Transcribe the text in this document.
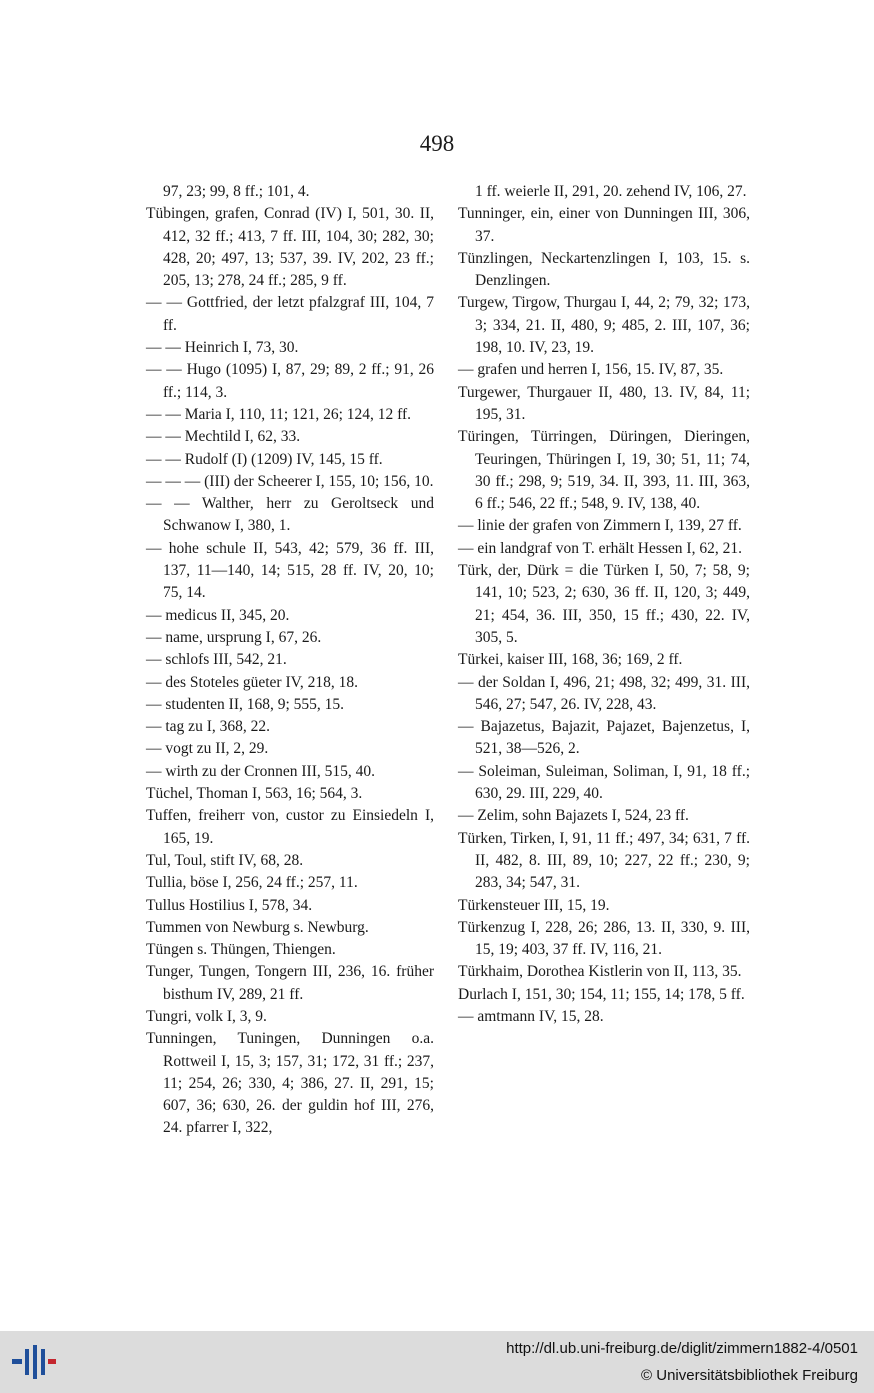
498
97, 23; 99, 8 ff.; 101, 4.
Tübingen, grafen, Conrad (IV) I, 501, 30. II, 412, 32 ff.; 413, 7 ff. III, 104, 30; 282, 30; 428, 20; 497, 13; 537, 39. IV, 202, 23 ff.; 205, 13; 278, 24 ff.; 285, 9 ff.
— — Gottfried, der letzt pfalzgraf III, 104, 7 ff.
— — Heinrich I, 73, 30.
— — Hugo (1095) I, 87, 29; 89, 2 ff.; 91, 26 ff.; 114, 3.
— — Maria I, 110, 11; 121, 26; 124, 12 ff.
— — Mechtild I, 62, 33.
— — Rudolf (I) (1209) IV, 145, 15 ff.
— — — (III) der Scheerer I, 155, 10; 156, 10.
— — Walther, herr zu Geroltseck und Schwanow I, 380, 1.
— hohe schule II, 543, 42; 579, 36 ff. III, 137, 11—140, 14; 515, 28 ff. IV, 20, 10; 75, 14.
— medicus II, 345, 20.
— name, ursprung I, 67, 26.
— schlofs III, 542, 21.
— des Stoteles güeter IV, 218, 18.
— studenten II, 168, 9; 555, 15.
— tag zu I, 368, 22.
— vogt zu II, 2, 29.
— wirth zu der Cronnen III, 515, 40.
Tüchel, Thoman I, 563, 16; 564, 3.
Tuffen, freiherr von, custor zu Einsiedeln I, 165, 19.
Tul, Toul, stift IV, 68, 28.
Tullia, böse I, 256, 24 ff.; 257, 11.
Tullus Hostilius I, 578, 34.
Tummen von Newburg s. Newburg.
Tüngen s. Thüngen, Thiengen.
Tunger, Tungen, Tongern III, 236, 16. früher bisthum IV, 289, 21 ff.
Tungri, volk I, 3, 9.
Tunningen, Tuningen, Dunningen o.a. Rottweil I, 15, 3; 157, 31; 172, 31 ff.; 237, 11; 254, 26; 330, 4; 386, 27. II, 291, 15; 607, 36; 630, 26. der guldin hof III, 276, 24. pfarrer I, 322,
1 ff. weierle II, 291, 20. zehend IV, 106, 27.
Tunninger, ein, einer von Dunningen III, 306, 37.
Tünzlingen, Neckartenzlingen I, 103, 15. s. Denzlingen.
Turgew, Tirgow, Thurgau I, 44, 2; 79, 32; 173, 3; 334, 21. II, 480, 9; 485, 2. III, 107, 36; 198, 10. IV, 23, 19.
— grafen und herren I, 156, 15. IV, 87, 35.
Turgewer, Thurgauer II, 480, 13. IV, 84, 11; 195, 31.
Türingen, Türringen, Düringen, Dieringen, Teuringen, Thüringen I, 19, 30; 51, 11; 74, 30 ff.; 298, 9; 519, 34. II, 393, 11. III, 363, 6 ff.; 546, 22 ff.; 548, 9. IV, 138, 40.
— linie der grafen von Zimmern I, 139, 27 ff.
— ein landgraf von T. erhält Hessen I, 62, 21.
Türk, der, Dürk = die Türken I, 50, 7; 58, 9; 141, 10; 523, 2; 630, 36 ff. II, 120, 3; 449, 21; 454, 36. III, 350, 15 ff.; 430, 22. IV, 305, 5.
Türkei, kaiser III, 168, 36; 169, 2 ff.
— der Soldan I, 496, 21; 498, 32; 499, 31. III, 546, 27; 547, 26. IV, 228, 43.
— Bajazetus, Bajazit, Pajazet, Bajenzetus, I, 521, 38—526, 2.
— Soleiman, Suleiman, Soliman, I, 91, 18 ff.; 630, 29. III, 229, 40.
— Zelim, sohn Bajazets I, 524, 23 ff.
Türken, Tirken, I, 91, 11 ff.; 497, 34; 631, 7 ff. II, 482, 8. III, 89, 10; 227, 22 ff.; 230, 9; 283, 34; 547, 31.
Türkensteuer III, 15, 19.
Türkenzug I, 228, 26; 286, 13. II, 330, 9. III, 15, 19; 403, 37 ff. IV, 116, 21.
Türkhaim, Dorothea Kistlerin von II, 113, 35.
Durlach I, 151, 30; 154, 11; 155, 14; 178, 5 ff.
— amtmann IV, 15, 28.
http://dl.ub.uni-freiburg.de/diglit/zimmern1882-4/0501
© Universitätsbibliothek Freiburg
